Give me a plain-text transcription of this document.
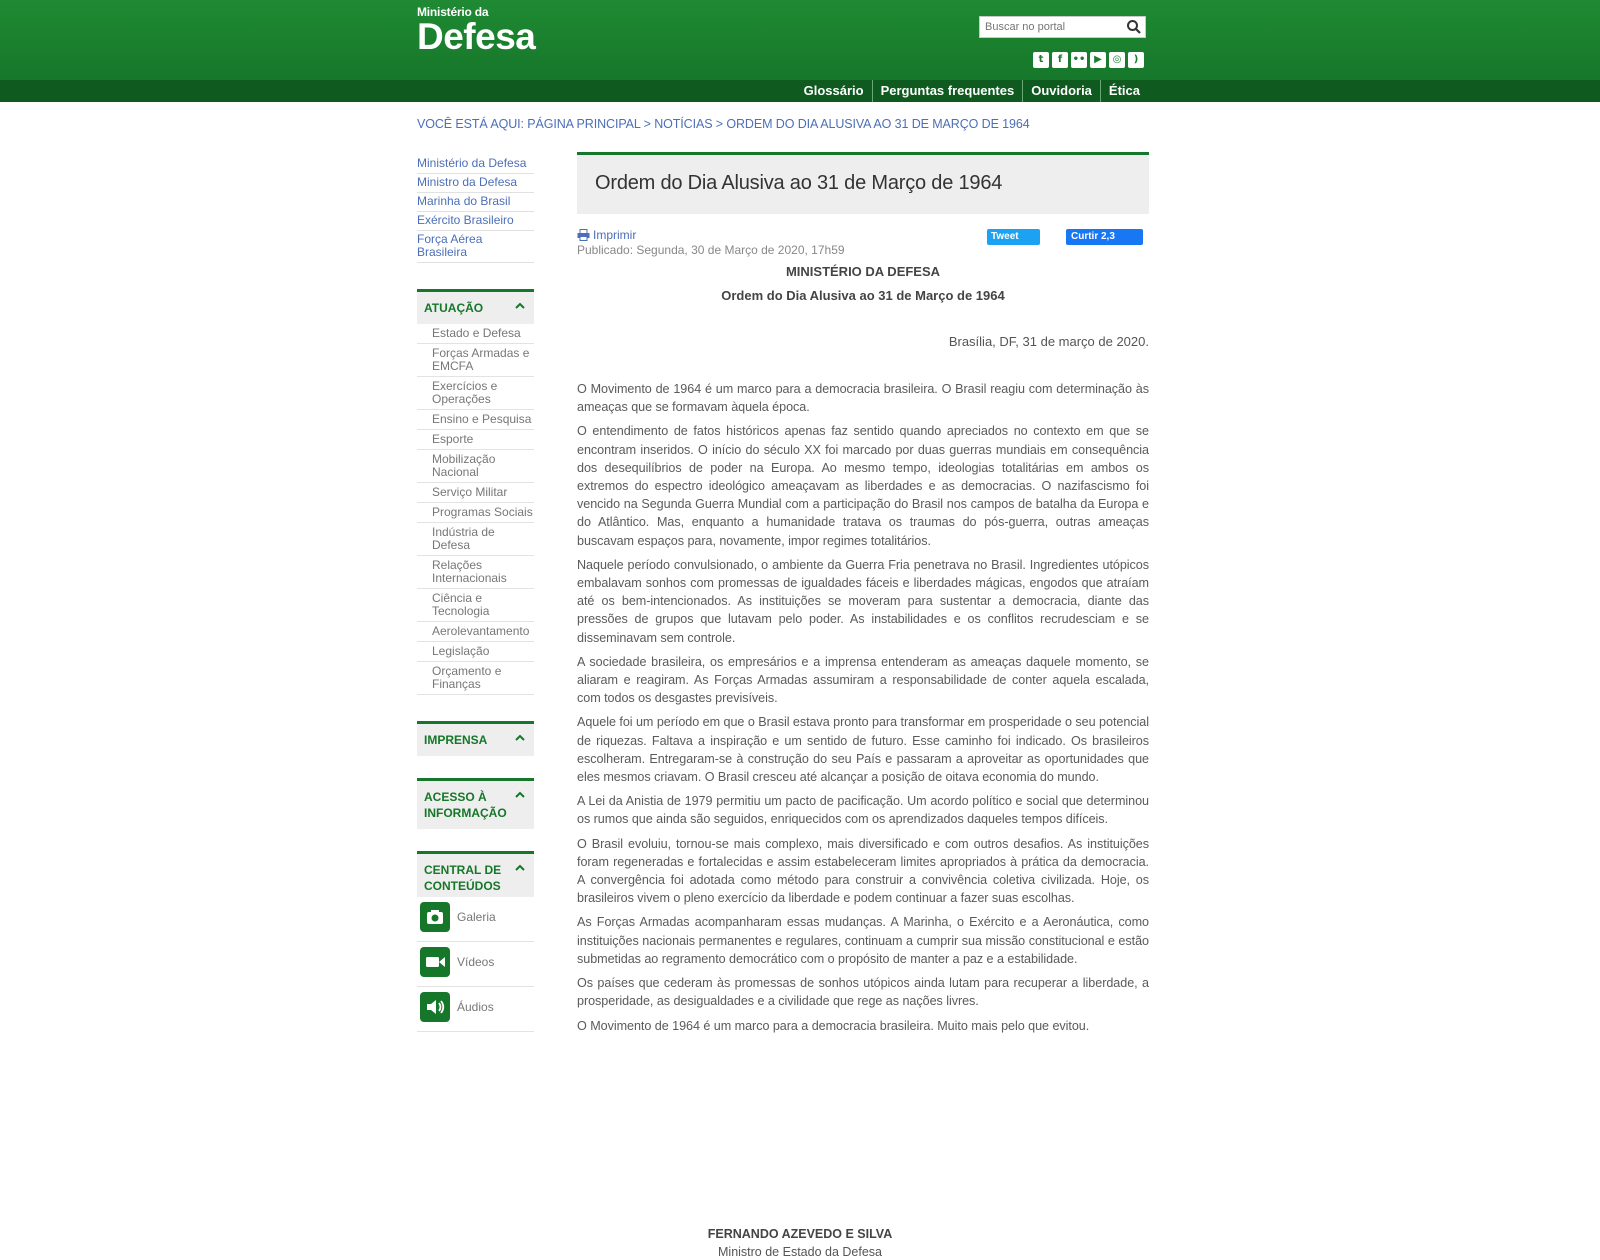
Ministério da
Defesa
Buscar no portal
t	f	•• ▶	◎	)
Glossário	Perguntas frequentes	Ouvidoria	Ética
VOCÊ ESTÁ AQUI: PÁGINA PRINCIPAL > NOTÍCIAS > ORDEM DO DIA ALUSIVA AO 31 DE MARÇO DE 1964
Ministério da Defesa
Ministro da Defesa
Marinha do Brasil
Exército Brasileiro
Força Aérea Brasileira
ATUAÇÃO
Estado e Defesa
Forças Armadas e EMCFA
Exercícios e Operações
Ensino e Pesquisa
Esporte
Mobilização Nacional
Serviço Militar
Programas Sociais
Indústria de Defesa
Relações Internacionais
Ciência e Tecnologia
Aerolevantamento
Legislação
Orçamento e Finanças
IMPRENSA
ACESSO À INFORMAÇÃO
CENTRAL DE CONTEÚDOS
Galeria
Vídeos
Áudios
Ordem do Dia Alusiva ao 31 de Março de 1964
Imprimir
Publicado: Segunda, 30 de Março de 2020, 17h59
Tweet	Curtir 2,3
MINISTÉRIO DA DEFESA
Ordem do Dia Alusiva ao 31 de Março de 1964
Brasília, DF, 31 de março de 2020.

O Movimento de 1964 é um marco para a democracia brasileira. O Brasil reagiu com determinação às ameaças que se formavam àquela época.

O entendimento de fatos históricos apenas faz sentido quando apreciados no contexto em que se encontram inseridos. O início do século XX foi marcado por duas guerras mundiais em consequência dos desequilíbrios de poder na Europa. Ao mesmo tempo, ideologias totalitárias em ambos os extremos do espectro ideológico ameaçavam as liberdades e as democracias. O nazifascismo foi vencido na Segunda Guerra Mundial com a participação do Brasil nos campos de batalha da Europa e do Atlântico. Mas, enquanto a humanidade tratava os traumas do pós-guerra, outras ameaças buscavam espaços para, novamente, impor regimes totalitários.

Naquele período convulsionado, o ambiente da Guerra Fria penetrava no Brasil. Ingredientes utópicos embalavam sonhos com promessas de igualdades fáceis e liberdades mágicas, engodos que atraíam até os bem-intencionados. As instituições se moveram para sustentar a democracia, diante das pressões de grupos que lutavam pelo poder. As instabilidades e os conflitos recrudesciam e se disseminavam sem controle.

A sociedade brasileira, os empresários e a imprensa entenderam as ameaças daquele momento, se aliaram e reagiram. As Forças Armadas assumiram a responsabilidade de conter aquela escalada, com todos os desgastes previsíveis.

Aquele foi um período em que o Brasil estava pronto para transformar em prosperidade o seu potencial de riquezas. Faltava a inspiração e um sentido de futuro. Esse caminho foi indicado. Os brasileiros escolheram. Entregaram-se à construção do seu País e passaram a aproveitar as oportunidades que eles mesmos criavam. O Brasil cresceu até alcançar a posição de oitava economia do mundo.

A Lei da Anistia de 1979 permitiu um pacto de pacificação. Um acordo político e social que determinou os rumos que ainda são seguidos, enriquecidos com os aprendizados daqueles tempos difíceis.

O Brasil evoluiu, tornou-se mais complexo, mais diversificado e com outros desafios. As instituições foram regeneradas e fortalecidas e assim estabeleceram limites apropriados à prática da democracia. A convergência foi adotada como método para construir a convivência coletiva civilizada. Hoje, os brasileiros vivem o pleno exercício da liberdade e podem continuar a fazer suas escolhas.

As Forças Armadas acompanharam essas mudanças. A Marinha, o Exército e a Aeronáutica, como instituições nacionais permanentes e regulares, continuam a cumprir sua missão constitucional e estão submetidas ao regramento democrático com o propósito de manter a paz e a estabilidade.

Os países que cederam às promessas de sonhos utópicos ainda lutam para recuperar a liberdade, a prosperidade, as desigualdades e a civilidade que rege as nações livres.

O Movimento de 1964 é um marco para a democracia brasileira. Muito mais pelo que evitou.

FERNANDO AZEVEDO E SILVA
Ministro de Estado da Defesa
